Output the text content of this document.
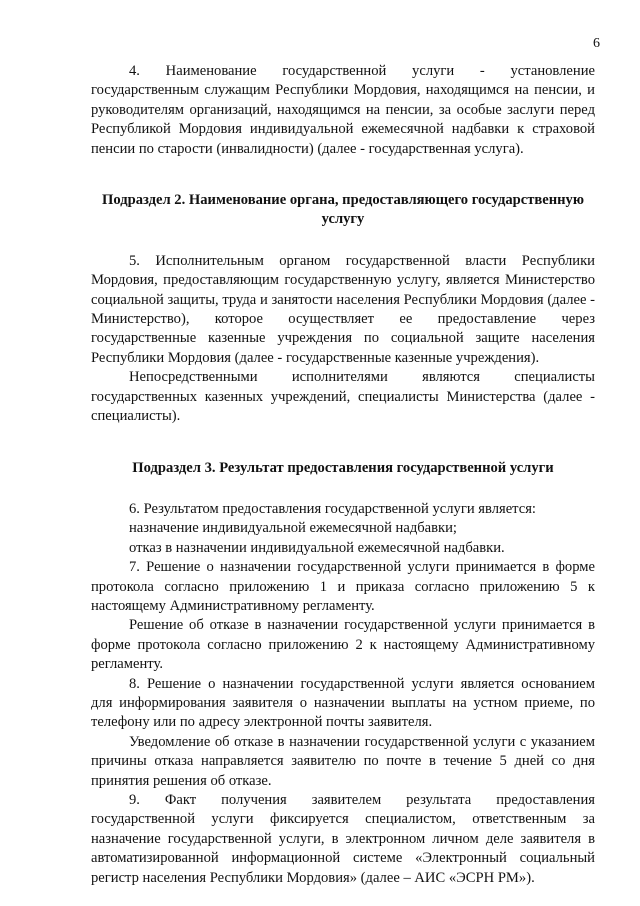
6

4. Наименование государственной услуги - установление государственным служащим Республики Мордовия, находящимся на пенсии, и руководителям организаций, находящимся на пенсии, за особые заслуги перед Республикой Мордовия индивидуальной ежемесячной надбавки к страховой пенсии по старости (инвалидности) (далее - государственная услуга).

Подраздел 2. Наименование органа, предоставляющего государственную услугу

5. Исполнительным органом государственной власти Республики Мордовия, предоставляющим государственную услугу, является Министерство социальной защиты, труда и занятости населения Республики Мордовия (далее - Министерство), которое осуществляет ее предоставление через государственные казенные учреждения по социальной защите населения Республики Мордовия (далее - государственные казенные учреждения).

Непосредственными исполнителями являются специалисты государственных казенных учреждений, специалисты Министерства (далее - специалисты).

Подраздел 3. Результат предоставления государственной услуги

6. Результатом предоставления государственной услуги является:

назначение индивидуальной ежемесячной надбавки;

отказ в назначении индивидуальной ежемесячной надбавки.

7. Решение о назначении государственной услуги принимается в форме протокола согласно приложению 1 и приказа согласно приложению 5 к настоящему Административному регламенту.

Решение об отказе в назначении государственной услуги принимается в форме протокола согласно приложению 2 к настоящему Административному регламенту.

8. Решение о назначении государственной услуги является основанием для информирования заявителя о назначении выплаты на устном приеме, по телефону или по адресу электронной почты заявителя.

Уведомление об отказе в назначении государственной услуги с указанием причины отказа направляется заявителю по почте в течение 5 дней со дня принятия решения об отказе.

9. Факт получения заявителем результата предоставления государственной услуги фиксируется специалистом, ответственным за назначение государственной услуги, в электронном личном деле заявителя в автоматизированной информационной системе «Электронный социальный регистр населения Республики Мордовия» (далее – АИС «ЭСРН РМ»).
